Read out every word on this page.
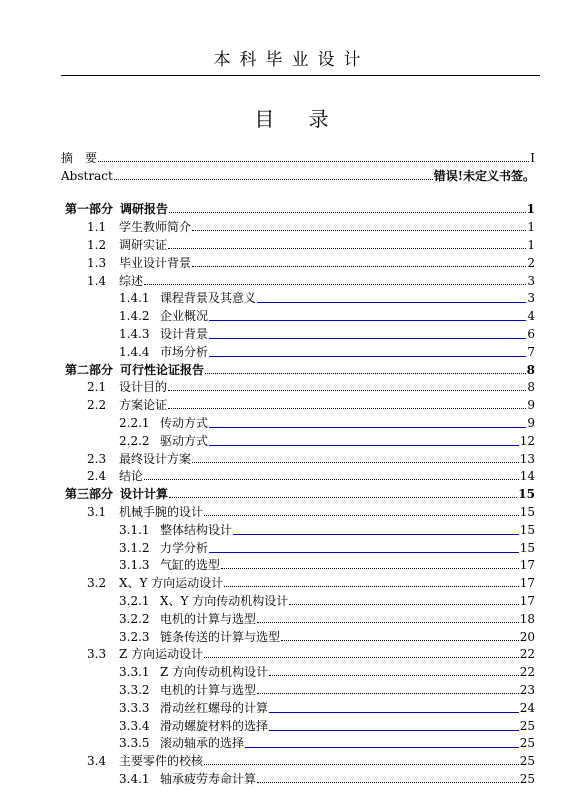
本科毕业设计
目 录
摘　要	I
Abstract	错误!未定义书签。
第一部分 调研报告	1
1.1	学生教师简介	1
1.2	调研实证	1
1.3	毕业设计背景	2
1.4	综述	3
1.4.1 课程背景及其意义	3
1.4.2 企业概况	4
1.4.3 设计背景	6
1.4.4 市场分析	7
第二部分 可行性论证报告	8
2.1	设计目的	8
2.2	方案论证	9
2.2.1 传动方式	9
2.2.2 驱动方式	12
2.3	最终设计方案	13
2.4	结论	14
第三部分 设计计算	15
3.1	机械手腕的设计	15
3.1.1 整体结构设计	15
3.1.2 力学分析	15
3.1.3 气缸的选型	17
3.2	X、Y 方向运动设计	17
3.2.1 X、Y 方向传动机构设计	17
3.2.2 电机的计算与选型	18
3.2.3 链条传送的计算与选型	20
3.3	Z 方向运动设计	22
3.3.1 Z 方向传动机构设计	22
3.3.2 电机的计算与选型	23
3.3.3 滑动丝杠螺母的计算	24
3.3.4 滑动螺旋材料的选择	25
3.3.5 滚动轴承的选择	25
3.4	主要零件的校核	25
3.4.1 轴承疲劳寿命计算	25
